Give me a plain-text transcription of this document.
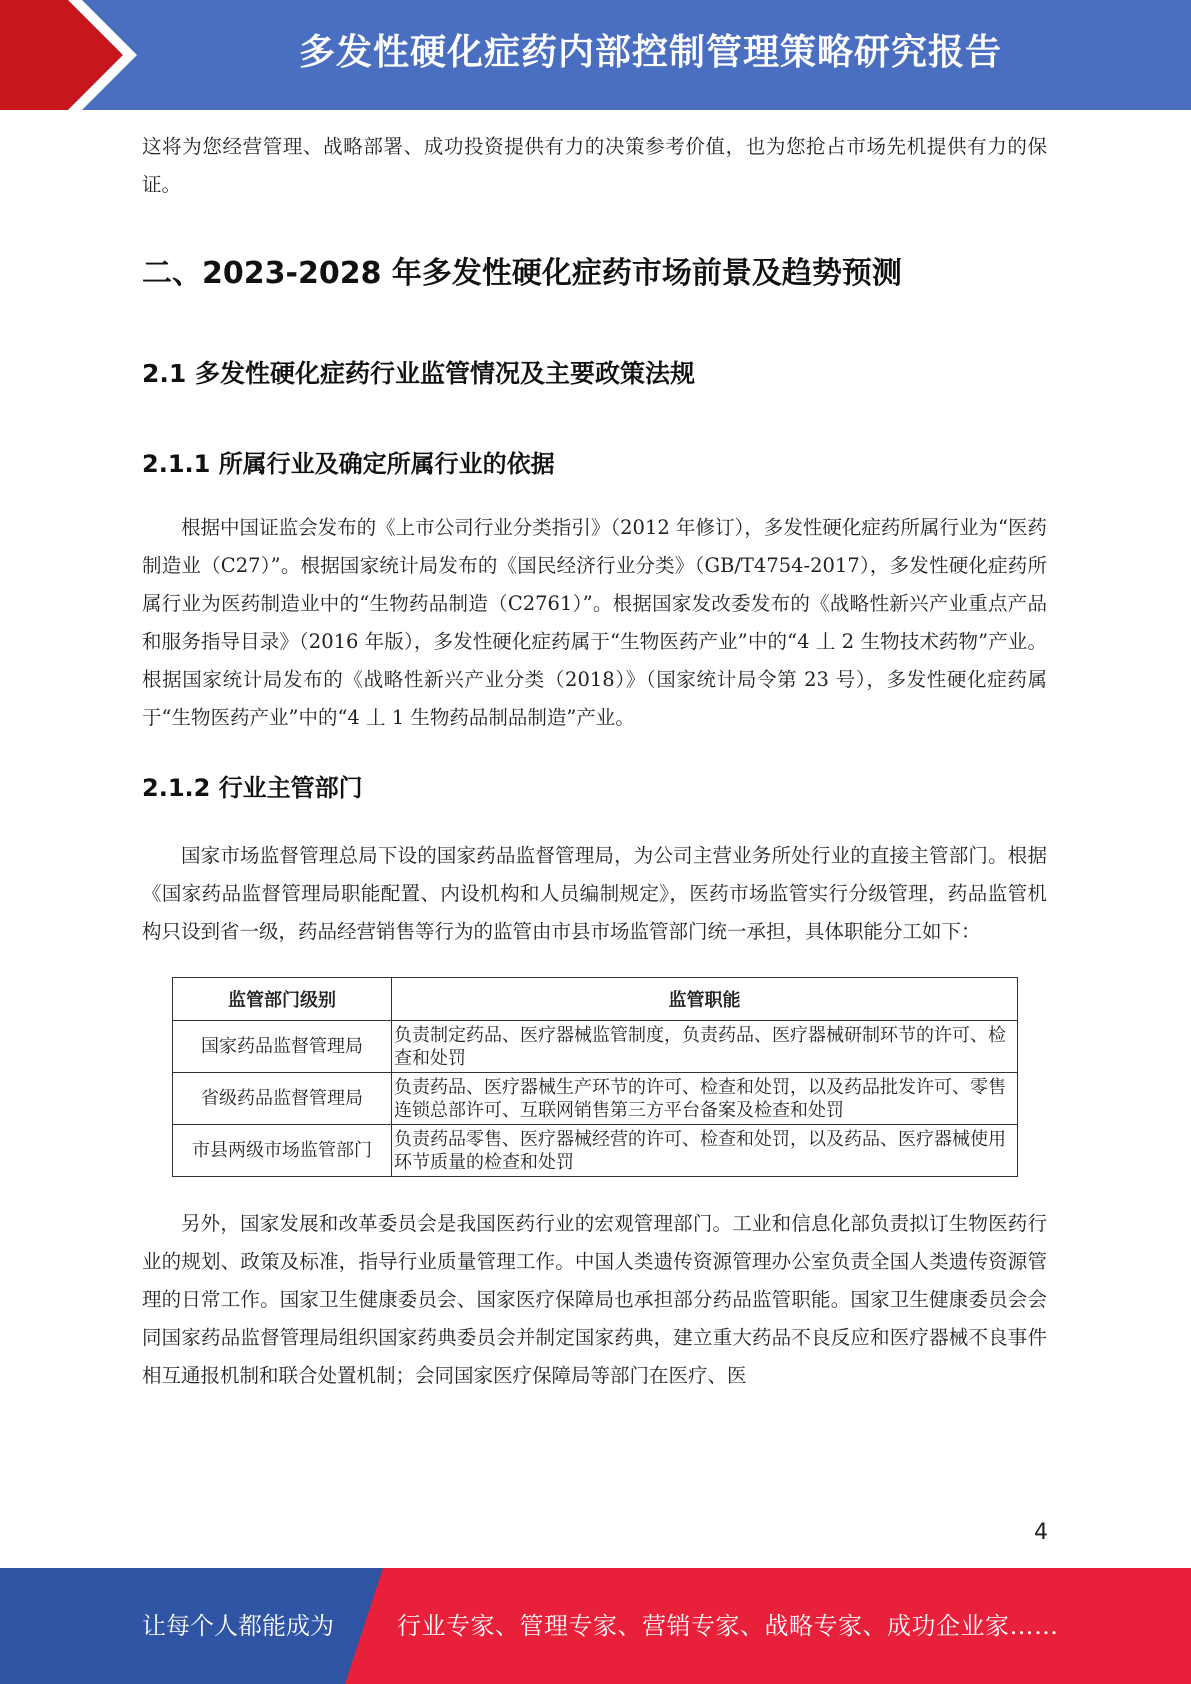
多发性硬化症药内部控制管理策略研究报告

这将为您经营管理、战略部署、成功投资提供有力的决策参考价值，也为您抢占市场先机提供有力的保证。

二、2023-2028 年多发性硬化症药市场前景及趋势预测
2.1 多发性硬化症药行业监管情况及主要政策法规
2.1.1 所属行业及确定所属行业的依据

根据中国证监会发布的《上市公司行业分类指引》（2012 年修订），多发性硬化症药所属行业为“医药制造业（C27）”。根据国家统计局发布的《国民经济行业分类》（GB/T4754-2017），多发性硬化症药所属行业为医药制造业中的“生物药品制造（C2761）”。根据国家发改委发布的《战略性新兴产业重点产品和服务指导目录》（2016 年版），多发性硬化症药属于“生物医药产业”中的“4 丄 2 生物技术药物”产业。根据国家统计局发布的《战略性新兴产业分类（2018）》（国家统计局令第 23 号），多发性硬化症药属于“生物医药产业”中的“4 丄 1 生物药品制品制造”产业。

2.1.2 行业主管部门

国家市场监督管理总局下设的国家药品监督管理局，为公司主营业务所处行业的直接主管部门。根据《国家药品监督管理局职能配置、内设机构和人员编制规定》，医药市场监管实行分级管理，药品监管机构只设到省一级，药品经营销售等行为的监管由市县市场监管部门统一承担，具体职能分工如下：

监管部门级别	监管职能
国家药品监督管理局	负责制定药品、医疗器械监管制度，负责药品、医疗器械研制环节的许可、检查和处罚
省级药品监督管理局	负责药品、医疗器械生产环节的许可、检查和处罚，以及药品批发许可、零售连锁总部许可、互联网销售第三方平台备案及检查和处罚
市县两级市场监管部门	负责药品零售、医疗器械经营的许可、检查和处罚，以及药品、医疗器械使用环节质量的检查和处罚

另外，国家发展和改革委员会是我国医药行业的宏观管理部门。工业和信息化部负责拟订生物医药行业的规划、政策及标准，指导行业质量管理工作。中国人类遗传资源管理办公室负责全国人类遗传资源管理的日常工作。国家卫生健康委员会、国家医疗保障局也承担部分药品监管职能。国家卫生健康委员会会同国家药品监督管理局组织国家药典委员会并制定国家药典，建立重大药品不良反应和医疗器械不良事件相互通报机制和联合处置机制；会同国家医疗保障局等部门在医疗、医

4
让每个人都能成为	行业专家、管理专家、营销专家、战略专家、成功企业家……
